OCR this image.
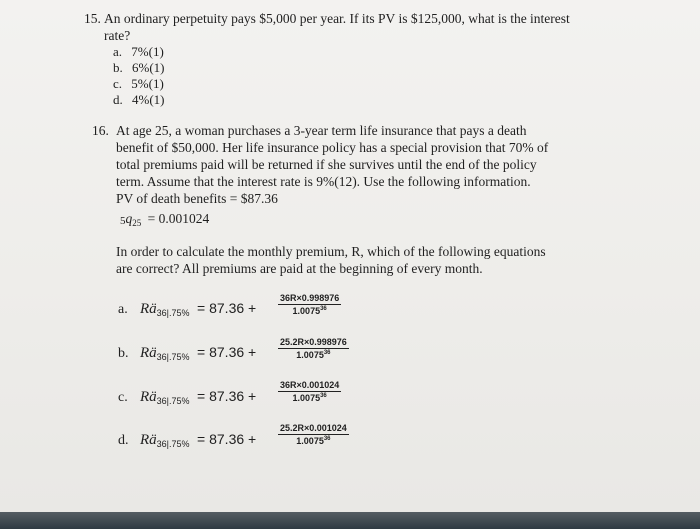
15. An ordinary perpetuity pays $5,000 per year. If its PV is $125,000, what is the interest
rate?
a. 7%(1)
b. 6%(1)
c. 5%(1)
d. 4%(1)
16. At age 25, a woman purchases a 3-year term life insurance that pays a death
benefit of $50,000. Her life insurance policy has a special provision that 70% of
total premiums paid will be returned if she survives until the end of the policy
term. Assume that the interest rate is 9%(12). Use the following information.
PV of death benefits = $87.36
$5q_{25} = 0.001024$
In order to calculate the monthly premium, R, which of the following equations
are correct? All premiums are paid at the beginning of every month.
a. $Rä_{36|.75\%} = 87.36$ +
36R×0.998976
1.0075$^{36}$
b. $Rä_{36|.75\%} = 87.36$ +
25.2R×0.998976
1.0075$^{36}$
c. $Rä_{36|.75\%} = 87.36$ +
36R×0.001024
1.0075$^{36}$
d. $Rä_{36|.75\%} = 87.36$ +
25.2R×0.001024
1.0075$^{36}$
